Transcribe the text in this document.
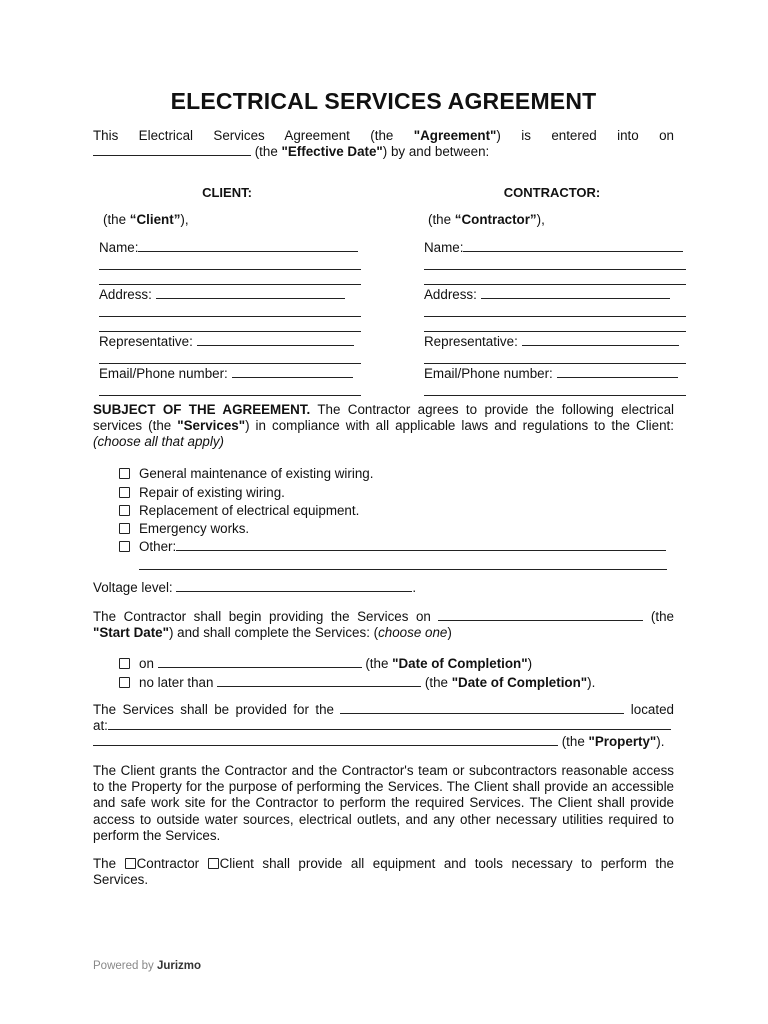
ELECTRICAL SERVICES AGREEMENT

This Electrical Services Agreement (the "Agreement") is entered into on

(the "Effective Date") by and between:

CLIENT:
(the “Client”),
Name:
Address:
Representative:
Email/Phone number:
CONTRACTOR:
(the “Contractor”),
Name:
Address:
Representative:
Email/Phone number:

SUBJECT OF THE AGREEMENT. The Contractor agrees to provide the following electrical services (the "Services") in compliance with all applicable laws and regulations to the Client: (choose all that apply)

General maintenance of existing wiring.
Repair of existing wiring.
Replacement of electrical equipment.
Emergency works.
Other:

Voltage level:	.

The Contractor shall begin providing the Services on	(the

"Start Date") and shall complete the Services: (choose one)

on	(the "Date of Completion")
no later than	(the "Date of Completion").

The Services shall be provided for the	located

at:
(the "Property").

The Client grants the Contractor and the Contractor's team or subcontractors reasonable access to the Property for the purpose of performing the Services. The Client shall provide an accessible and safe work site for the Contractor to perform the required Services. The Client shall provide access to outside water sources, electrical outlets, and any other necessary utilities required to perform the Services.

The Contractor Client shall provide all equipment and tools necessary to perform the Services.

Powered by Jurizmo
